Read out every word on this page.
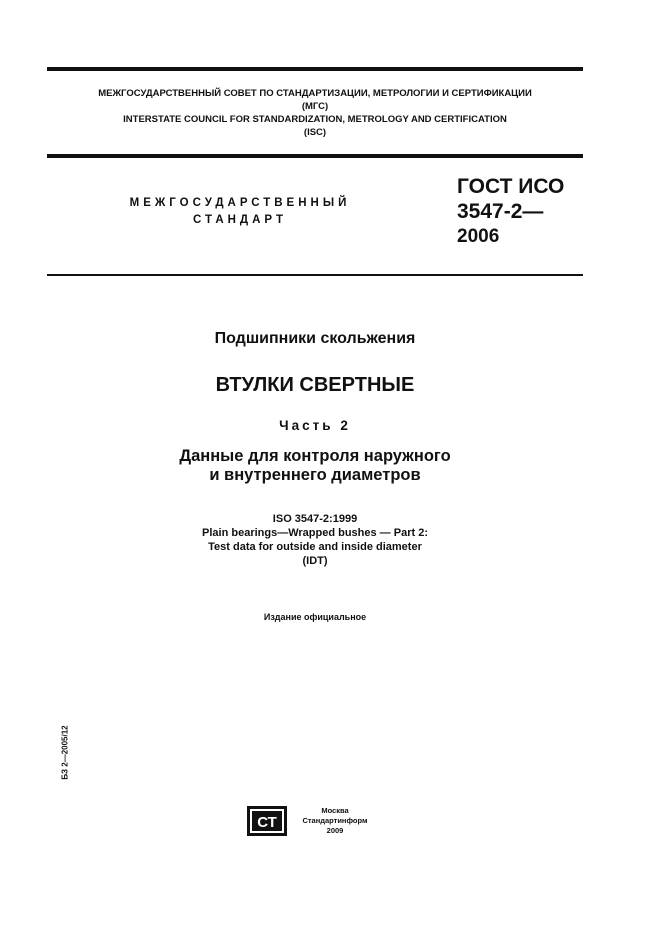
МЕЖГОСУДАРСТВЕННЫЙ СОВЕТ ПО СТАНДАРТИЗАЦИИ, МЕТРОЛОГИИ И СЕРТИФИКАЦИИ
(МГС)
INTERSTATE COUNCIL FOR STANDARDIZATION, METROLOGY AND CERTIFICATION
(ISC)
МЕЖГОСУДАРСТВЕННЫЙ
СТАНДАРТ
ГОСТ ИСО
3547-2—
2006
Подшипники скольжения
ВТУЛКИ СВЕРТНЫЕ
Часть 2
Данные для контроля наружного
и внутреннего диаметров
ISO 3547-2:1999
Plain bearings—Wrapped bushes — Part 2:
Test data for outside and inside diameter
(IDT)
Издание официальное
БЗ 2—2005/12
СТ
Москва
Стандартинформ
2009
